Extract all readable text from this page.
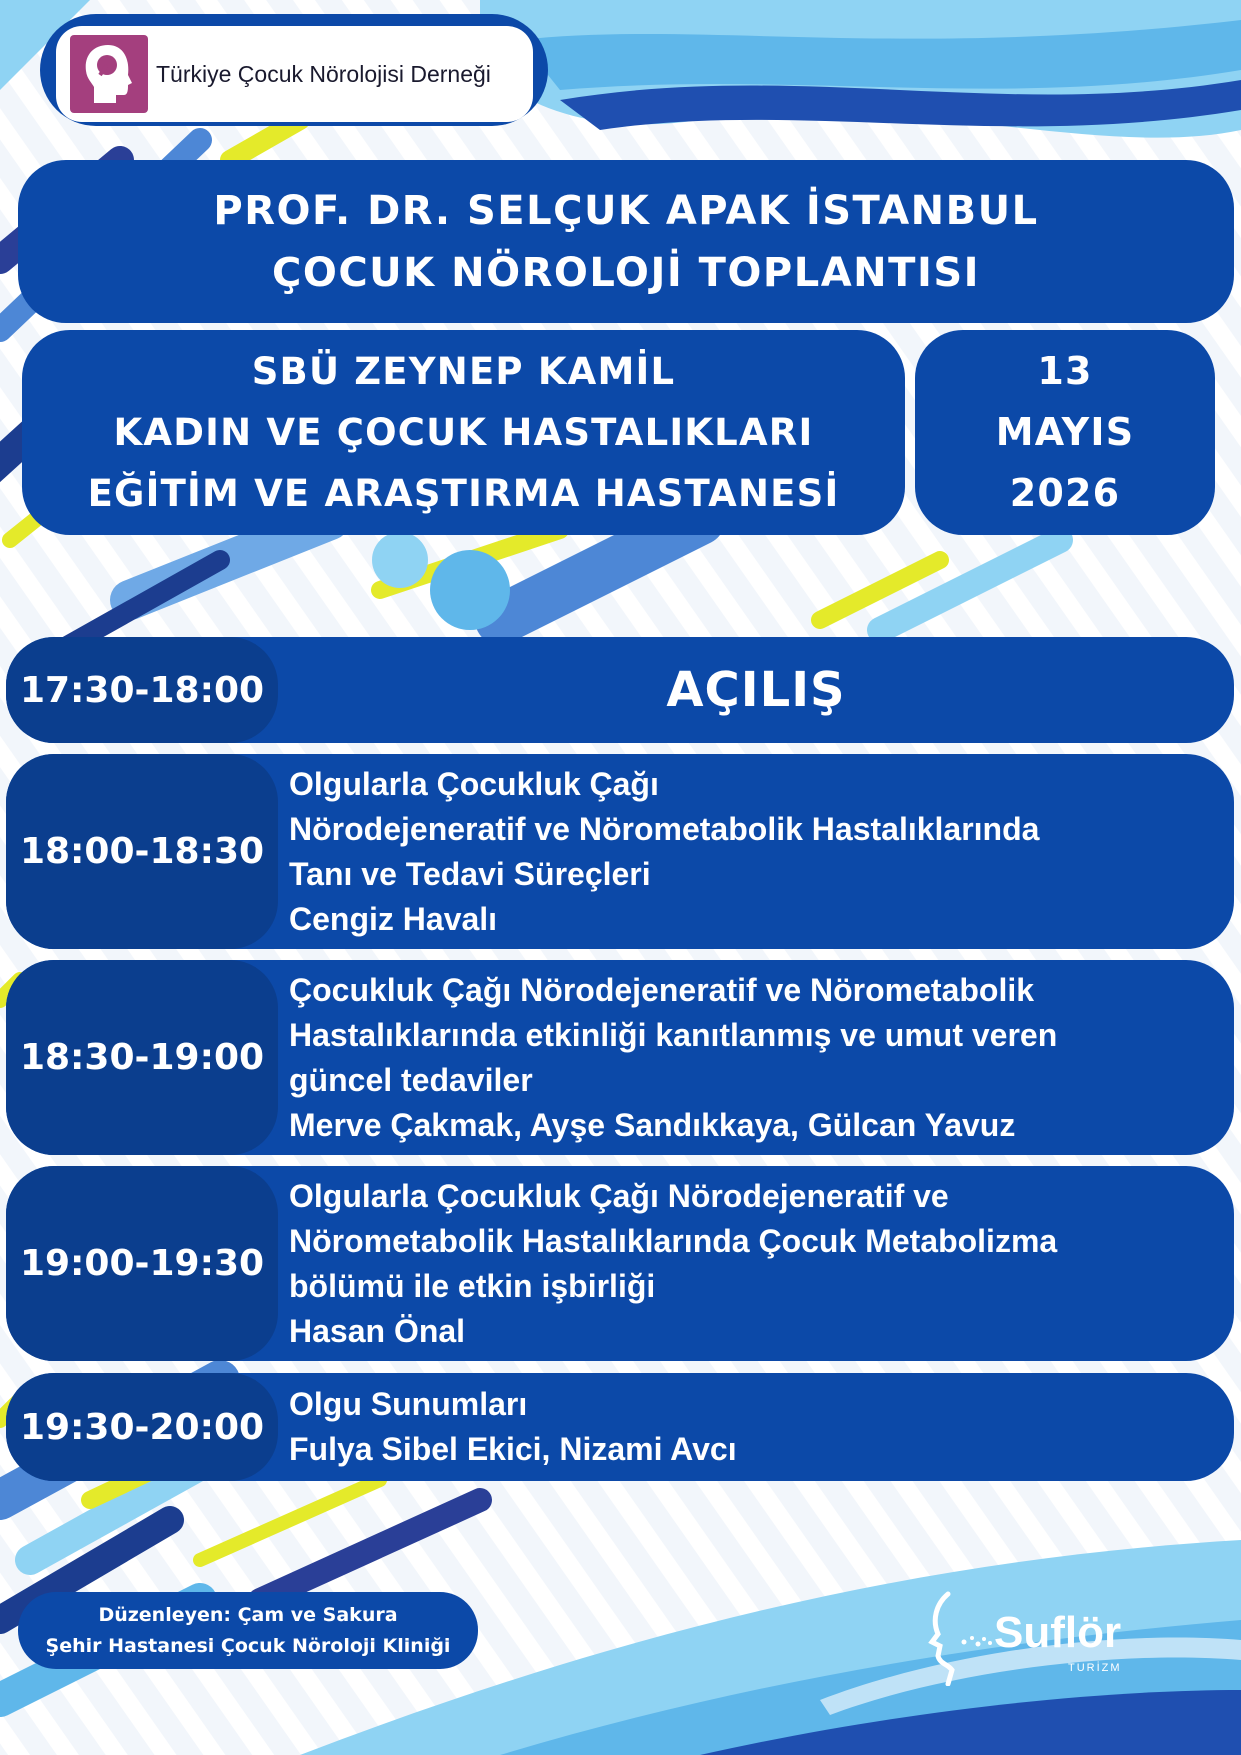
Türkiye Çocuk Nörolojisi Derneği
PROF. DR. SELÇUK APAK İSTANBUL
ÇOCUK NÖROLOJİ TOPLANTISI
SBÜ ZEYNEP KAMİL
KADIN VE ÇOCUK HASTALIKLARI
EĞİTİM VE ARAŞTIRMA HASTANESİ
13
MAYIS
2026
17:30-18:00	AÇILIŞ
18:00-18:30
Olgularla Çocukluk Çağı
Nörodejeneratif ve Nörometabolik Hastalıklarında
Tanı ve Tedavi Süreçleri
Cengiz Havalı
18:30-19:00
Çocukluk Çağı Nörodejeneratif ve Nörometabolik
Hastalıklarında etkinliği kanıtlanmış ve umut veren
güncel tedaviler
Merve Çakmak, Ayşe Sandıkkaya, Gülcan Yavuz
19:00-19:30
Olgularla Çocukluk Çağı Nörodejeneratif ve
Nörometabolik Hastalıklarında Çocuk Metabolizma
bölümü ile etkin işbirliği
Hasan Önal
19:30-20:00
Olgu Sunumları
Fulya Sibel Ekici, Nizami Avcı
Düzenleyen: Çam ve Sakura
Şehir Hastanesi Çocuk Nöroloji Kliniği	Suflör
TURİZM
